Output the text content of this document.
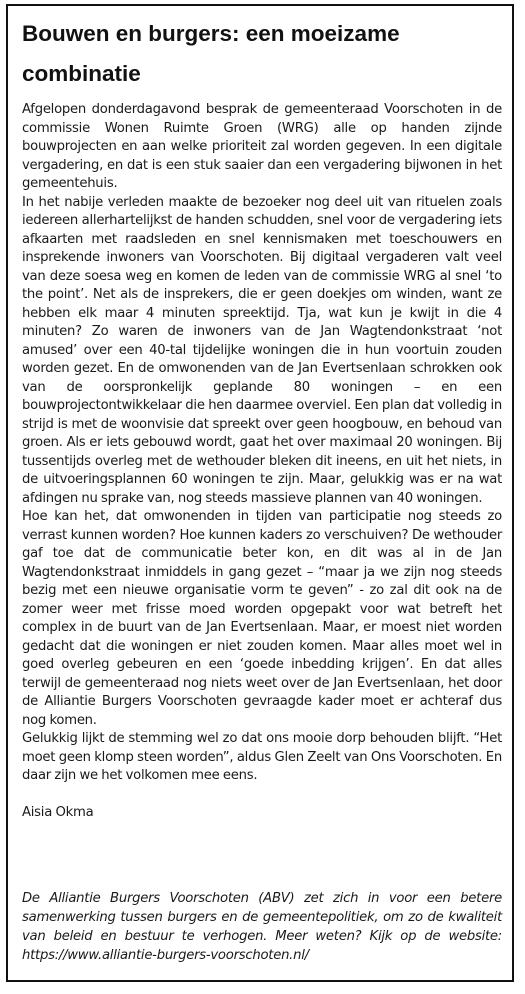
Bouwen en burgers: een moeizame combinatie

Afgelopen donderdagavond besprak de gemeenteraad Voorschoten in de commissie Wonen Ruimte Groen (WRG) alle op handen zijnde bouwprojecten en aan welke prioriteit zal worden gegeven. In een digitale vergadering, en dat is een stuk saaier dan een vergadering bijwonen in het gemeentehuis.

In het nabije verleden maakte de bezoeker nog deel uit van rituelen zoals iedereen allerhartelijkst de handen schudden, snel voor de vergadering iets afkaarten met raadsleden en snel kennismaken met toeschouwers en insprekende inwoners van Voorschoten. Bij digitaal vergaderen valt veel van deze soesa weg en komen de leden van de commissie WRG al snel ‘to the point’. Net als de insprekers, die er geen doekjes om winden, want ze hebben elk maar 4 minuten spreektijd. Tja, wat kun je kwijt in die 4 minuten? Zo waren de inwoners van de Jan Wagtendonkstraat ‘not amused’ over een 40-tal tijdelijke woningen die in hun voortuin zouden worden gezet. En de omwonenden van de Jan Evertsenlaan schrokken ook van de oorspronkelijk geplande 80 woningen – en een bouwprojectontwikkelaar die hen daarmee overviel. Een plan dat volledig in strijd is met de woonvisie dat spreekt over geen hoogbouw, en behoud van groen. Als er iets gebouwd wordt, gaat het over maximaal 20 woningen. Bij tussentijds overleg met de wethouder bleken dit ineens, en uit het niets, in de uitvoeringsplannen 60 woningen te zijn. Maar, gelukkig was er na wat afdingen nu sprake van, nog steeds massieve plannen van 40 woningen.

Hoe kan het, dat omwonenden in tijden van participatie nog steeds zo verrast kunnen worden? Hoe kunnen kaders zo verschuiven? De wethouder gaf toe dat de communicatie beter kon, en dit was al in de Jan Wagtendonkstraat inmiddels in gang gezet – “maar ja we zijn nog steeds bezig met een nieuwe organisatie vorm te geven” - zo zal dit ook na de zomer weer met frisse moed worden opgepakt voor wat betreft het complex in de buurt van de Jan Evertsenlaan. Maar, er moest niet worden gedacht dat die woningen er niet zouden komen. Maar alles moet wel in goed overleg gebeuren en een ‘goede inbedding krijgen’. En dat alles terwijl de gemeenteraad nog niets weet over de Jan Evertsenlaan, het door de Alliantie Burgers Voorschoten gevraagde kader moet er achteraf dus nog komen.

Gelukkig lijkt de stemming wel zo dat ons mooie dorp behouden blijft. “Het moet geen klomp steen worden”, aldus Glen Zeelt van Ons Voorschoten. En daar zijn we het volkomen mee eens.

Aisia Okma

De Alliantie Burgers Voorschoten (ABV) zet zich in voor een betere samenwerking tussen burgers en de gemeentepolitiek, om zo de kwaliteit van beleid en bestuur te verhogen. Meer weten? Kijk op de website: https://www.alliantie-burgers-voorschoten.nl/
